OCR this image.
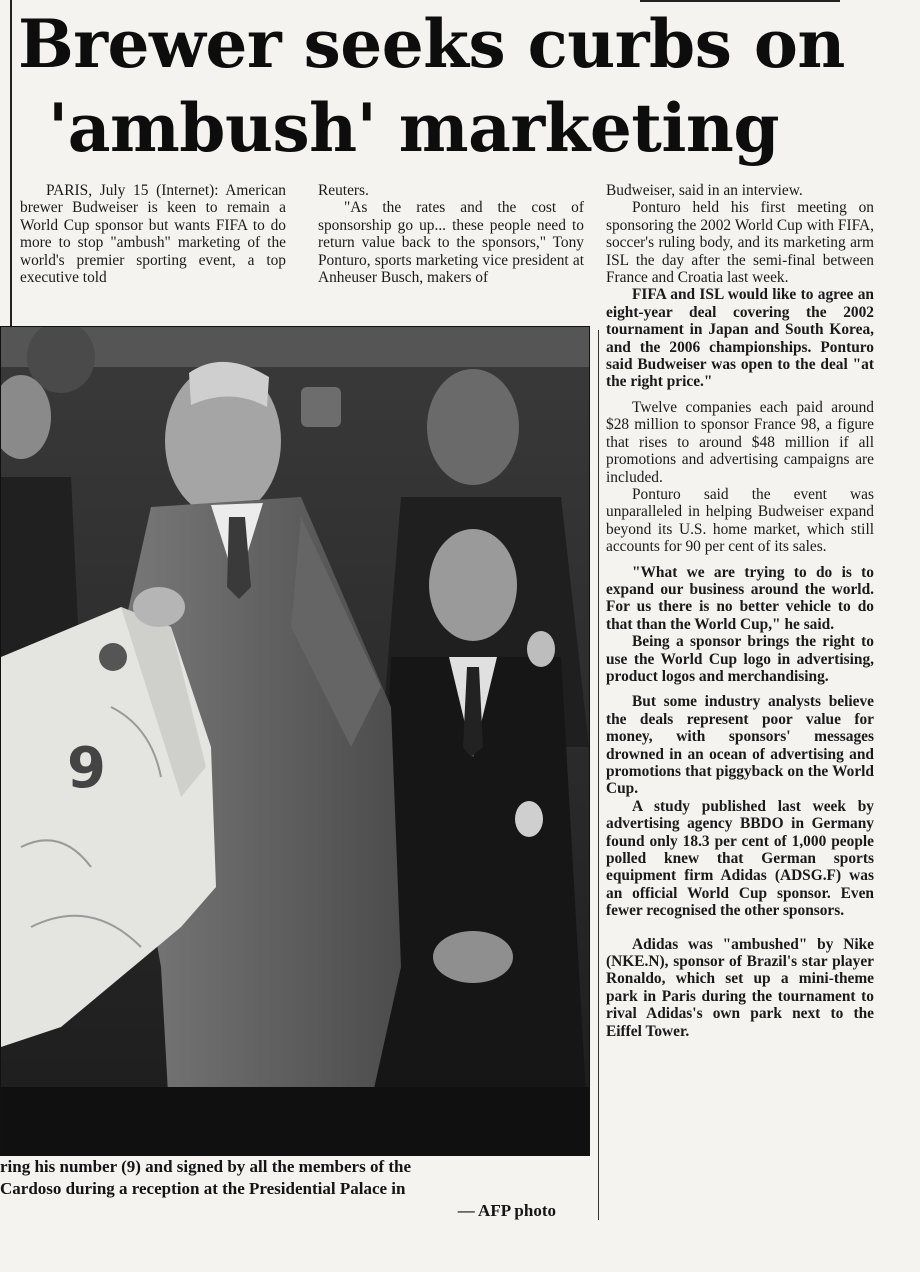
Brewer seeks curbs on
'ambush' marketing

PARIS, July 15 (Internet): American brewer Budweiser is keen to remain a World Cup sponsor but wants FIFA to do more to stop "ambush" marketing of the world's premier sporting event, a top executive told

Reuters.

"As the rates and the cost of sponsorship go up... these people need to return value back to the sponsors," Tony Ponturo, sports marketing vice president at Anheuser Busch, makers of

Budweiser, said in an interview.

Ponturo held his first meeting on sponsoring the 2002 World Cup with FIFA, soccer's ruling body, and its marketing arm ISL the day after the semi-final between France and Croatia last week.

FIFA and ISL would like to agree an eight-year deal covering the 2002 tournament in Japan and South Korea, and the 2006 championships. Ponturo said Budweiser was open to the deal "at the right price."

Twelve companies each paid around $28 million to sponsor France 98, a figure that rises to around $48 million if all promotions and advertising campaigns are included.

Ponturo said the event was unparalleled in helping Budweiser expand beyond its U.S. home market, which still accounts for 90 per cent of its sales.

"What we are trying to do is to expand our business around the world. For us there is no better vehicle to do that than the World Cup," he said.

Being a sponsor brings the right to use the World Cup logo in advertising, product logos and merchandising.

But some industry analysts believe the deals represent poor value for money, with sponsors' messages drowned in an ocean of advertising and promotions that piggyback on the World Cup.

A study published last week by advertising agency BBDO in Germany found only 18.3 per cent of 1,000 people polled knew that German sports equipment firm Adidas (ADSG.F) was an official World Cup sponsor. Even fewer recognised the other sponsors.

Adidas was "ambushed" by Nike (NKE.N), sponsor of Brazil's star player Ronaldo, which set up a mini-theme park in Paris during the tournament to rival Adidas's own park next to the Eiffel Tower.

9
ring his number (9) and signed by all the members of the
Cardoso during a reception at the Presidential Palace in
— AFP photo
